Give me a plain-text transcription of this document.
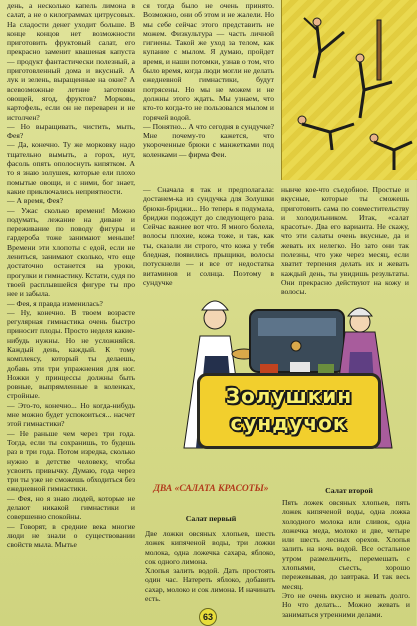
день, а несколько капель лимона в салат, а не о килограммах цитрусовых. На сладости денег уходит больше. В конце концов нет возможности приготовить фруктовый салат, его прекрасно заменит квашеная капуста — продукт фантастически полезный, а приготовленный дома и вкусный. А лук и зелень, выращенные на окне? А всевозможные летние заготовки овощей, ягод, фруктов? Морковь, картофель, если он не переварен и не истолчен?
— Но выращивать, чистить, мыть, Фея?
— Да, конечно. Ту же морковку надо тщательно вымыть, а горох, нут, фасоль опять ополоснуть кипятком. А то я знаю золушек, которые ели плохо помытые овощи, и с ними, бог знает, какие приключались неприятности.
— А время, Фея?
— Ужас сколько времени! Можно подумать, лежание на диване и переживание по поводу фигуры и гардероба тоже занимают меньше! Времени эти хлопоты с едой, если не лениться, занимают сколько, что еще достаточно останется на уроки, прогулки и гимнастику. Кстати, судя по твоей расплывшейся фигуре ты про нее и забыла.
— Фея, я правда изменилась?
— Ну, конечно. В твоем возрасте регулярная гимнастика очень быстро приносит плоды. Просто неделя какие-нибудь нужны. Но не усложняйся. Каждый день, каждый. К тому комплексу, который ты делаешь, добавь эти три упражнения для ног. Ножки у принцессы должны быть ровные, выпрямленные в коленках, стройные.
— Это-то, конечно... Но когда-нибудь мне можно будет успокоиться... насчет этой гимнастики?
— Не раньше чем через три года. Тогда, если ты сохранишь, то будешь раз в три года. Потом изредка, сколько нужно в детстве человеку, чтобы усвоить привычку. Думаю, года через три ты уже не сможешь обходиться без ежедневной гимнастики.
— Фея, но я знаю людей, которые не делают никакой гимнастики и совершенно спокойны.
— Говорят, в средние века многие люди не знали о существовании свойств мыла. Мытье
ся тогда было не очень принято. Возможно, они об этом и не жалели. Но мы себе сейчас этого представить не можем. Физкультура — часть личной гигиены. Такой же уход за телом, как купание с мылом. Я думаю, пройдет время, и наши потомки, узнав о том, что было время, когда люди могли не делать ежедневной гимнастики, будут потрясены. Но мы не можем и не должны этого ждать. Мы узнаем, что кто-то когда-то не пользовался мылом и горячей водой.
— Понятно... А что сегодня в сундучке? Мне почему-то кажется, что укороченные брюки с манжетками под коленками — фирма Феи.
— Сначала я так и предполагала: достанем-ка из сундучка для Золушки брюки-бриджи... Но теперь я подумала, бриджи подождут до следующего раза. Сейчас важнее вот что. Я много болела, волосы плохие, кожа тоже, и так, как ты, сказали ли строго, что кожа у тебя бледная, появились прыщики, волосы потускнели — и все от недостатка витаминов и солнца. Поэтому в сундучке
нынче кое-что съедобное. Простые и вкусные, которые ты сможешь приготовить сама по совместительству и холодильником. Итак, «салат красоты». Два его варианта. Не скажу, что эти салаты очень вкусные, да и жевать их нелегко. Но зато они так полезны, что уже через месяц, если хватит терпения делать их и жевать каждый день, ты увидишь результаты. Они прекрасно действуют на кожу и волосы.
Золушкин
сундучок
ДВА «САЛАТА КРАСОТЫ»
Салат первый
Две ложки овсяных хлопьев, шесть ложек кипяченой воды, три ложки молока, одна ложечка сахара, яблоко, сок одного лимона.
Хлопья залить водой. Дать простоять один час. Натереть яблоко, добавить сахар, молоко и сок лимона. И начинать есть.
Салат второй
Пять ложек овсяных хлопьев, пять ложек кипяченой воды, одна ложка холодного молока или сливок, одна ложечка меда, молоко и две, четыре или шесть лесных орехов. Хлопья залить на ночь водой. Все остальное утром размельчить, перемешать с хлопьями, съесть, хорошо пережевывая, до завтрака. И так весь месяц.
Это не очень вкусно и жевать долго. Но что делать... Можно жевать и заниматься утренними делами.
63
